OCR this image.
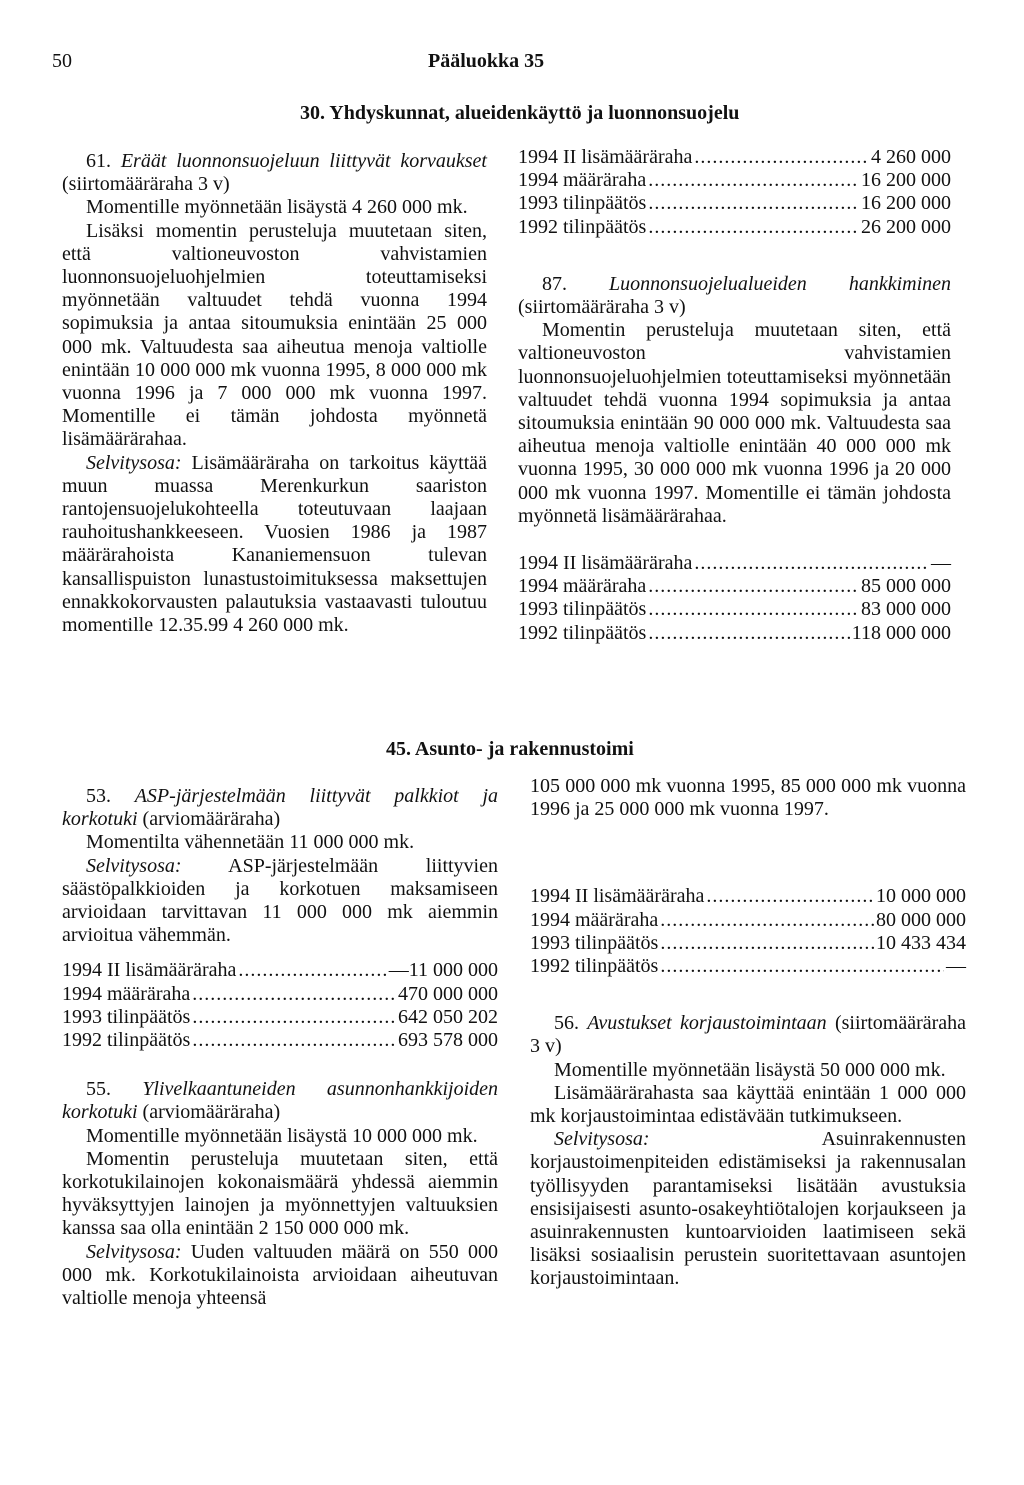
50	Pääluokka 35
30. Yhdyskunnat, alueidenkäyttö ja luonnonsuojelu

61. Eräät luonnonsuojeluun liittyvät korvaukset (siirtomääräraha 3 v)

Momentille myönnetään lisäystä 4 260 000 mk.

Lisäksi momentin perusteluja muutetaan siten, että valtioneuvoston vahvistamien luonnonsuojeluohjelmien toteuttamiseksi myönnetään valtuudet tehdä vuonna 1994 sopimuksia ja antaa sitoumuksia enintään 25 000 000 mk. Valtuudesta saa aiheutua menoja valtiolle enintään 10 000 000 mk vuonna 1995, 8 000 000 mk vuonna 1996 ja 7 000 000 mk vuonna 1997. Momentille ei tämän johdosta myönnetä lisämäärärahaa.

Selvitysosa: Lisämääräraha on tarkoitus käyttää muun muassa Merenkurkun saariston rantojensuojelukohteella toteutuvaan laajaan rauhoitushankkeeseen. Vuosien 1986 ja 1987 määrärahoista Kananiemensuon tulevan kansallispuiston lunastustoimituksessa maksettujen ennakkokorvausten palautuksia vastaavasti tuloutuu momentille 12.35.99 4 260 000 mk.

1994 II lisämääräraha .....	4 260 000
1994 määräraha .....	16 200 000
1993 tilinpäätös .....	16 200 000
1992 tilinpäätös .....	26 200 000

87. Luonnonsuojelualueiden hankkiminen (siirtomääräraha 3 v)

Momentin perusteluja muutetaan siten, että valtioneuvoston vahvistamien luonnonsuojeluohjelmien toteuttamiseksi myönnetään valtuudet tehdä vuonna 1994 sopimuksia ja antaa sitoumuksia enintään 90 000 000 mk. Valtuudesta saa aiheutua menoja valtiolle enintään 40 000 000 mk vuonna 1995, 30 000 000 mk vuonna 1996 ja 20 000 000 mk vuonna 1997. Momentille ei tämän johdosta myönnetä lisämäärärahaa.

1994 II lisämääräraha .....	—
1994 määräraha .....	85 000 000
1993 tilinpäätös .....	83 000 000
1992 tilinpäätös .....	118 000 000
45. Asunto- ja rakennustoimi

53. ASP-järjestelmään liittyvät palkkiot ja korkotuki (arviomääräraha)

Momentilta vähennetään 11 000 000 mk.

Selvitysosa: ASP-järjestelmään liittyvien säästöpalkkioiden ja korkotuen maksamiseen arvioidaan tarvittavan 11 000 000 mk aiemmin arvioitua vähemmän.

1994 II lisämääräraha .....	—11 000 000
1994 määräraha .....	470 000 000
1993 tilinpäätös .....	642 050 202
1992 tilinpäätös .....	693 578 000

55. Ylivelkaantuneiden asunnonhankkijoiden korkotuki (arviomääräraha)

Momentille myönnetään lisäystä 10 000 000 mk.

Momentin perusteluja muutetaan siten, että korkotukilainojen kokonaismäärä yhdessä aiemmin hyväksyttyjen lainojen ja myönnettyjen valtuuksien kanssa saa olla enintään 2 150 000 000 mk.

Selvitysosa: Uuden valtuuden määrä on 550 000 000 mk. Korkotukilainoista arvioidaan aiheutuvan valtiolle menoja yhteensä

105 000 000 mk vuonna 1995, 85 000 000 mk vuonna 1996 ja 25 000 000 mk vuonna 1997.

1994 II lisämääräraha .....	10 000 000
1994 määräraha .....	80 000 000
1993 tilinpäätös .....	10 433 434
1992 tilinpäätös .....	—

56. Avustukset korjaustoimintaan (siirtomääräraha 3 v)

Momentille myönnetään lisäystä 50 000 000 mk.

Lisämäärärahasta saa käyttää enintään 1 000 000 mk korjaustoimintaa edistävään tutkimukseen.

Selvitysosa:	Asuinrakennusten korjaustoimenpiteiden edistämiseksi ja rakennusalan työllisyyden parantamiseksi lisätään avustuksia ensisijaisesti asunto-osakeyhtiötalojen korjaukseen ja asuinrakennusten kuntoarvioiden laatimiseen sekä lisäksi sosiaalisin perustein suoritettavaan asuntojen korjaustoimintaan.
